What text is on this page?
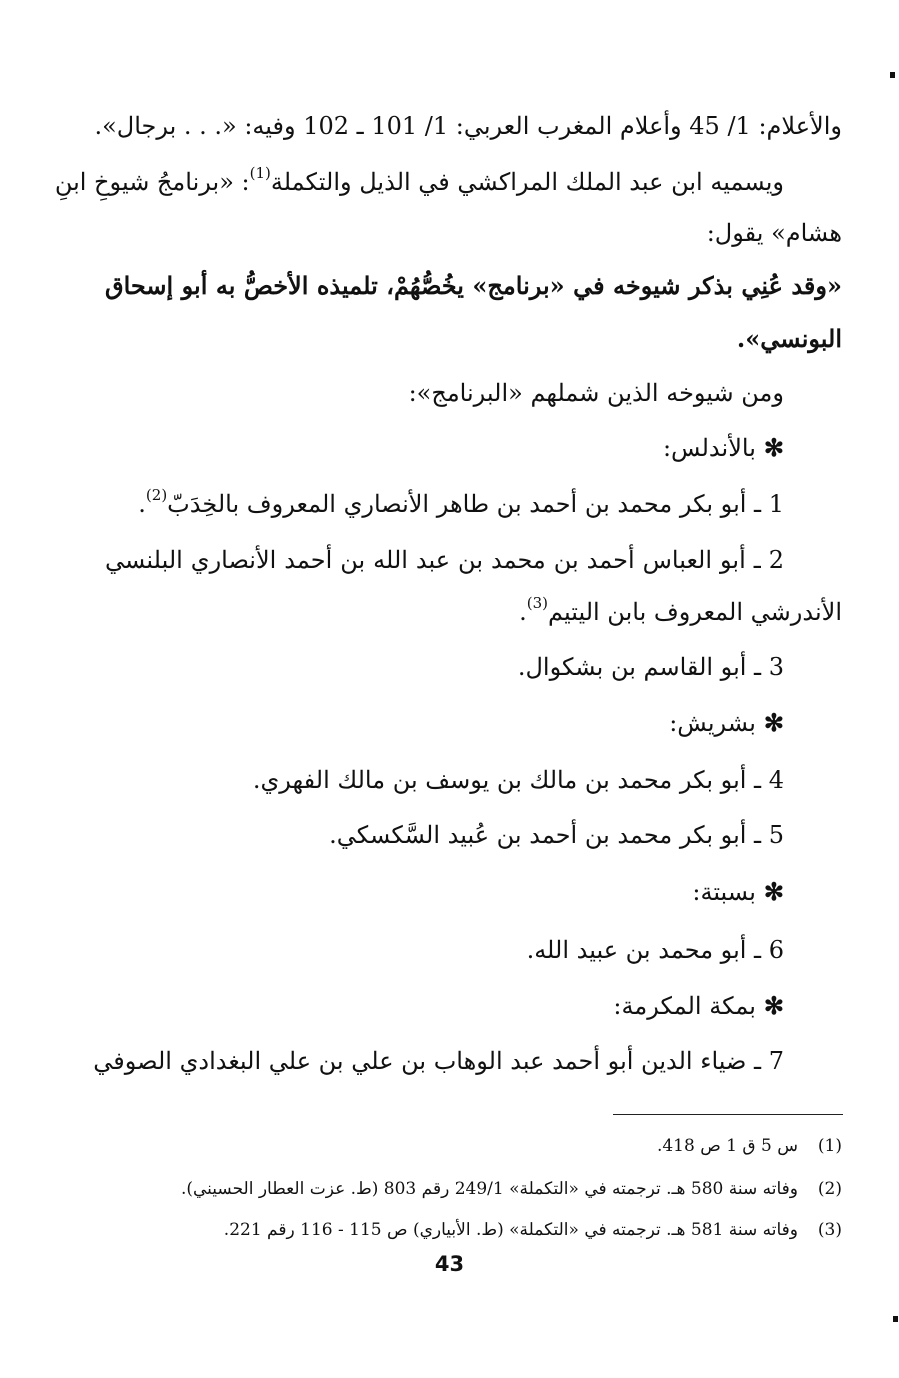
والأعلام: 1/ 45 وأعلام المغرب العربي: 1/ 101 ـ 102 وفيه: «. . . برجال».
ويسميه ابن عبد الملك المراكشي في الذيل والتكملة$^{(1)}$: «برنامجُ شيوخِ ابنِ
هشام» يقول:
«وقد عُنِي بذكر شيوخه في «برنامج» يخُصُّهُمْ، تلميذه الأخصُّ به أبو إسحاق
البونسي».
ومن شيوخه الذين شملهم «البرنامج»:
✻بالأندلس:
1 ـ أبو بكر محمد بن أحمد بن طاهر الأنصاري المعروف بالخِدَبّ$^{(2)}$.
2 ـ أبو العباس أحمد بن محمد بن عبد الله بن أحمد الأنصاري البلنسي
الأندرشي المعروف بابن اليتيم$^{(3)}$.
3 ـ أبو القاسم بن بشكوال.
✻بشريش:
4 ـ أبو بكر محمد بن مالك بن يوسف بن مالك الفهري.
5 ـ أبو بكر محمد بن أحمد بن عُبيد السَّكسكي.
✻بسبتة:
6 ـ أبو محمد بن عبيد الله.
✻بمكة المكرمة:
7 ـ ضياء الدين أبو أحمد عبد الوهاب بن علي بن علي البغدادي الصوفي
(1)س 5 ق 1 ص 418.
(2)وفاته سنة 580 هـ. ترجمته في «التكملة» 249/1 رقم 803 (ط. عزت العطار الحسيني).
(3)وفاته سنة 581 هـ. ترجمته في «التكملة» (ط. الأبياري) ص 115 - 116 رقم 221.
43
